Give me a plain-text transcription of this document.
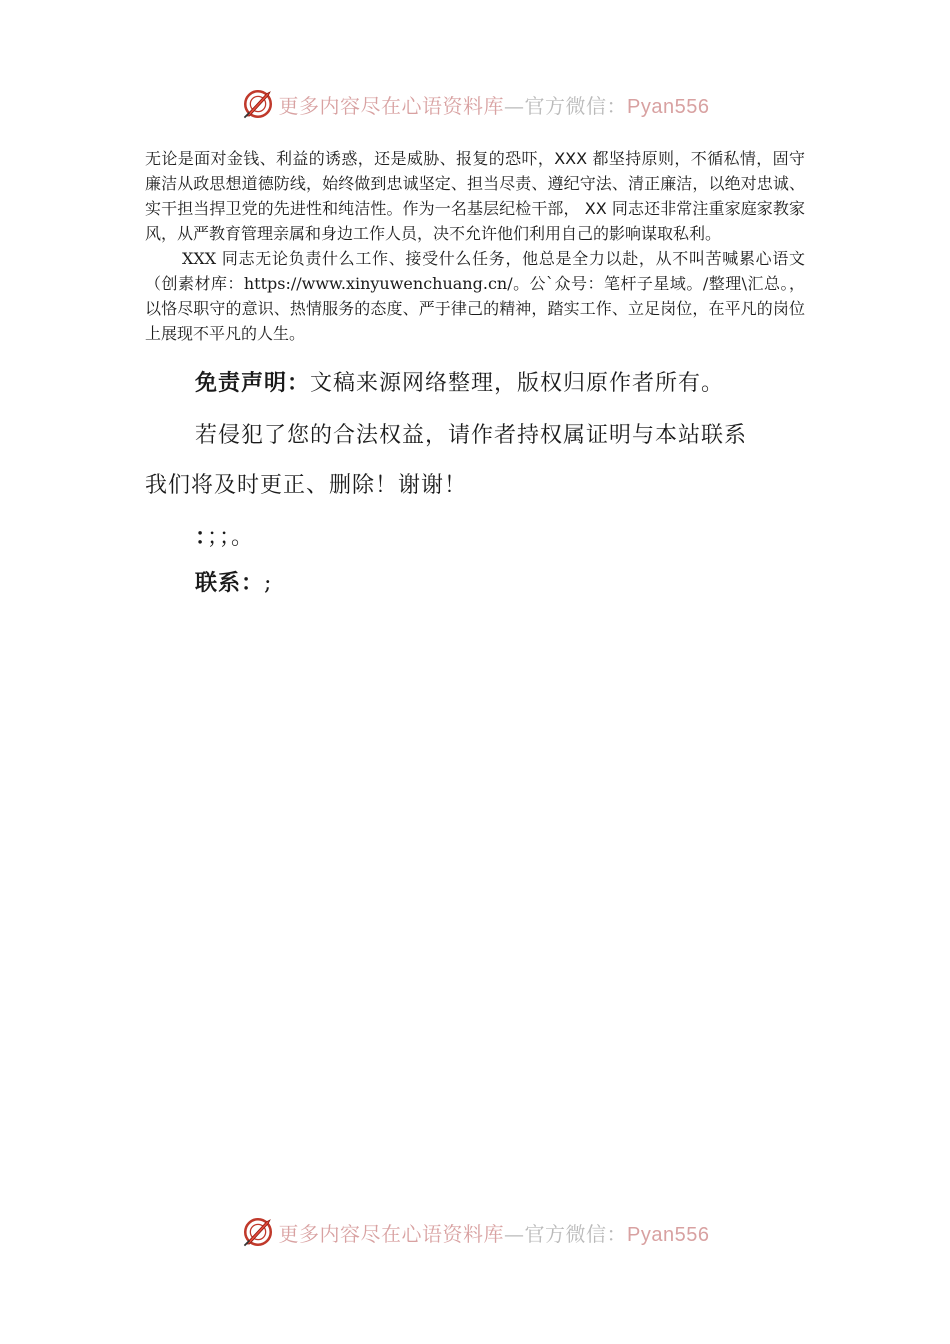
更多内容尽在心语资料库—官方微信：Pyan556

无论是面对金钱、利益的诱惑，还是威胁、报复的恐吓，XXX 都坚持原则，不循私情，固守廉洁从政思想道德防线，始终做到忠诚坚定、担当尽责、遵纪守法、清正廉洁，以绝对忠诚、实干担当捍卫党的先进性和纯洁性。作为一名基层纪检干部， XX 同志还非常注重家庭家教家风，从严教育管理亲属和身边工作人员，决不允许他们利用自己的影响谋取私利。

XXX 同志无论负责什么工作、接受什么任务，他总是全力以赴，从不叫苦喊累心语文（创素材库：https://www.xinyuwenchuang.cn/。公`众号：笔杆子星域。/整理\汇总。，以恪尽职守的意识、热情服务的态度、严于律己的精神，踏实工作、立足岗位，在平凡的岗位上展现不平凡的人生。

免责声明：文稿来源网络整理，版权归原作者所有。
若侵犯了您的合法权益，请作者持权属证明与本站联系
我们将及时更正、删除！谢谢！
：；；。
联系：;
更多内容尽在心语资料库—官方微信：Pyan556
